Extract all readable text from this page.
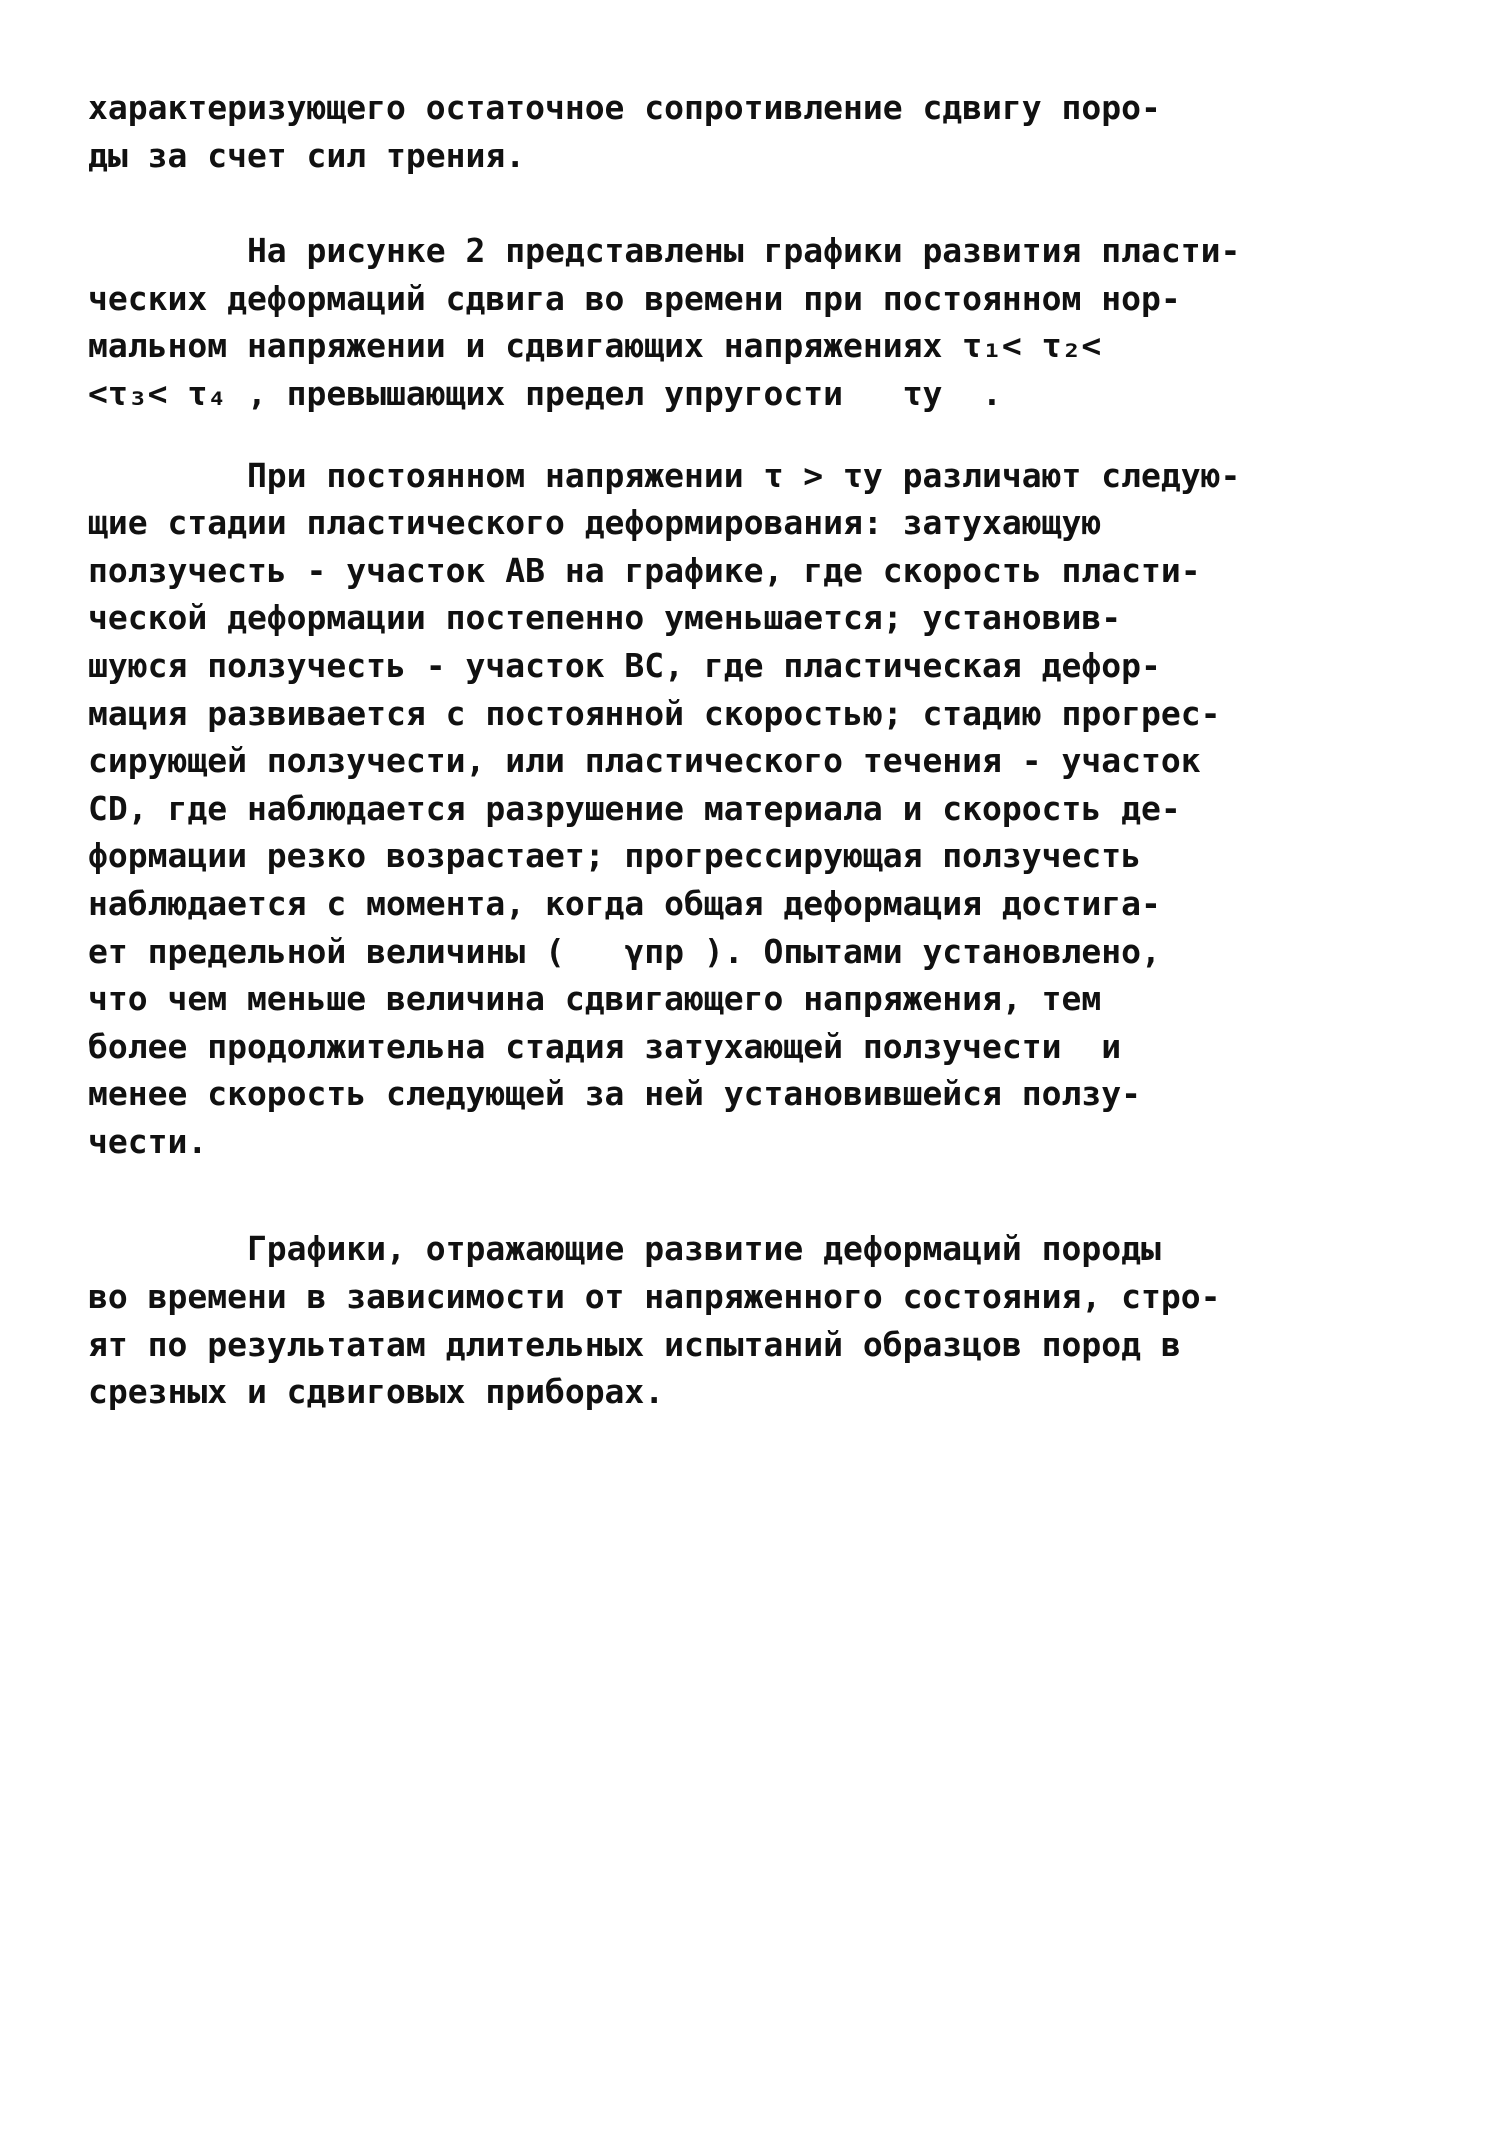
характеризующего остаточное сопротивление сдвигу поро-
ды за счет сил трения.
На рисунке 2 представлены графики развития пласти-
ческих деформаций сдвига во времени при постоянном нор-
мальном напряжении и сдвигающих напряжениях τ₁< τ₂<
<τ₃< τ₄ , превышающих предел упругости   τу  .
При постоянном напряжении τ > τу различают следую-
щие стадии пластического деформирования: затухающую
ползучесть - участок АВ на графике, где скорость пласти-
ческой деформации постепенно уменьшается; установив-
шуюся ползучесть - участок ВС, где пластическая дефор-
мация развивается с постоянной скоростью; стадию прогрес-
сирующей ползучести, или пластического течения - участок
CD, где наблюдается разрушение материала и скорость де-
формации резко возрастает; прогрессирующая ползучесть
наблюдается с момента, когда общая деформация достига-
ет предельной величины (   γпр ). Опытами установлено,
что чем меньше величина сдвигающего напряжения, тем
более продолжительна стадия затухающей ползучести  и
менее скорость следующей за ней установившейся ползу-
чести.
Графики, отражающие развитие деформаций породы
во времени в зависимости от напряженного состояния, стро-
ят по результатам длительных испытаний образцов пород в
срезных и сдвиговых приборах.
